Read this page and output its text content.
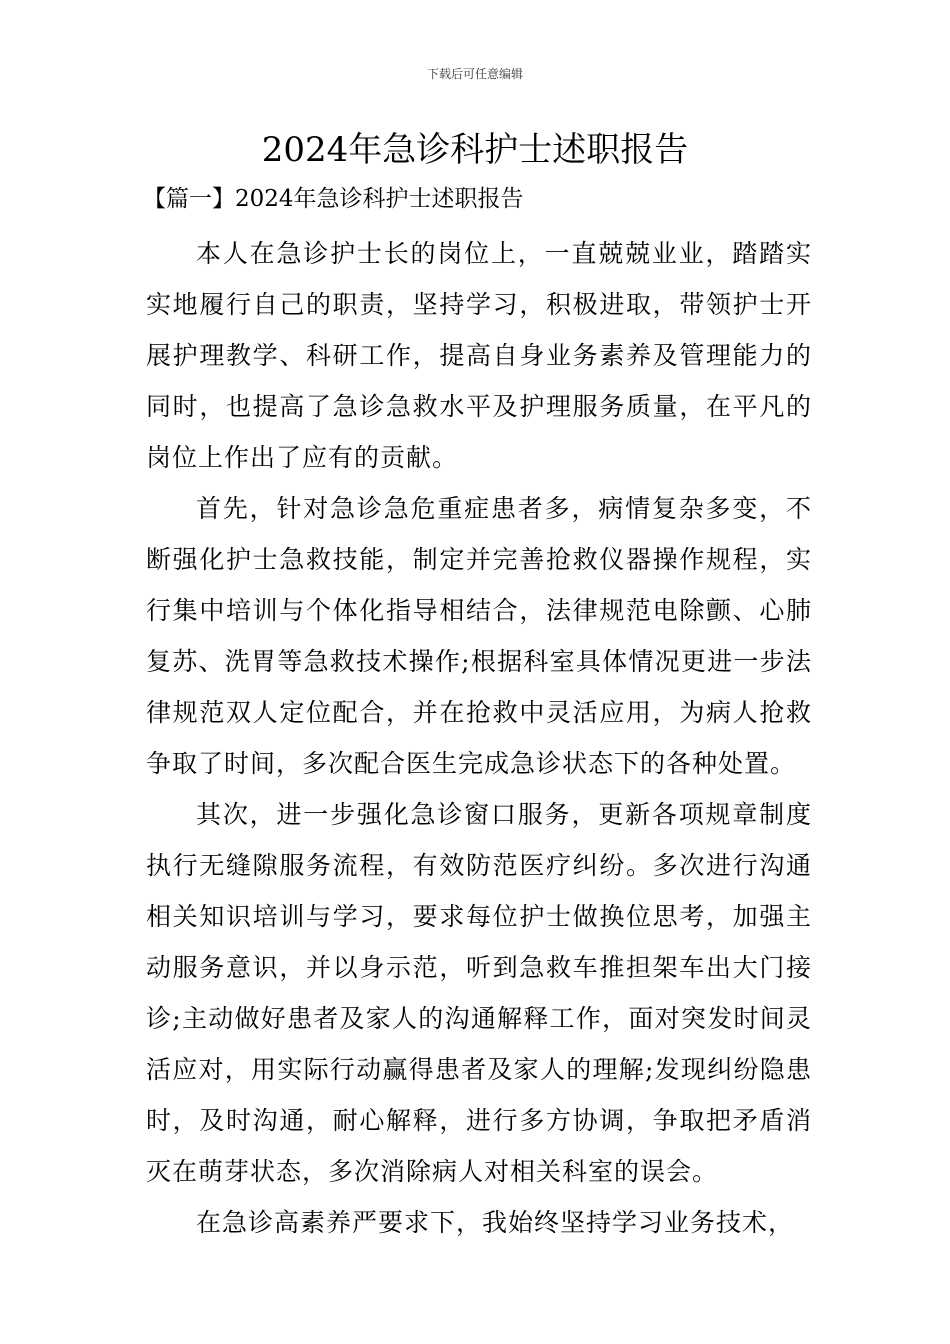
下载后可任意编辑
2024年急诊科护士述职报告
【篇一】2024年急诊科护士述职报告

本人在急诊护士长的岗位上，一直兢兢业业，踏踏实实地履行自己的职责，坚持学习，积极进取，带领护士开展护理教学、科研工作，提高自身业务素养及管理能力的同时，也提高了急诊急救水平及护理服务质量，在平凡的岗位上作出了应有的贡献。

首先，针对急诊急危重症患者多，病情复杂多变，不断强化护士急救技能，制定并完善抢救仪器操作规程，实行集中培训与个体化指导相结合，法律规范电除颤、心肺复苏、洗胃等急救技术操作;根据科室具体情况更进一步法律规范双人定位配合，并在抢救中灵活应用，为病人抢救争取了时间，多次配合医生完成急诊状态下的各种处置。

其次，进一步强化急诊窗口服务，更新各项规章制度执行无缝隙服务流程，有效防范医疗纠纷。多次进行沟通相关知识培训与学习，要求每位护士做换位思考，加强主动服务意识，并以身示范，听到急救车推担架车出大门接诊;主动做好患者及家人的沟通解释工作，面对突发时间灵活应对，用实际行动赢得患者及家人的理解;发现纠纷隐患时，及时沟通，耐心解释，进行多方协调，争取把矛盾消灭在萌芽状态，多次消除病人对相关科室的误会。

在急诊高素养严要求下，我始终坚持学习业务技术，
